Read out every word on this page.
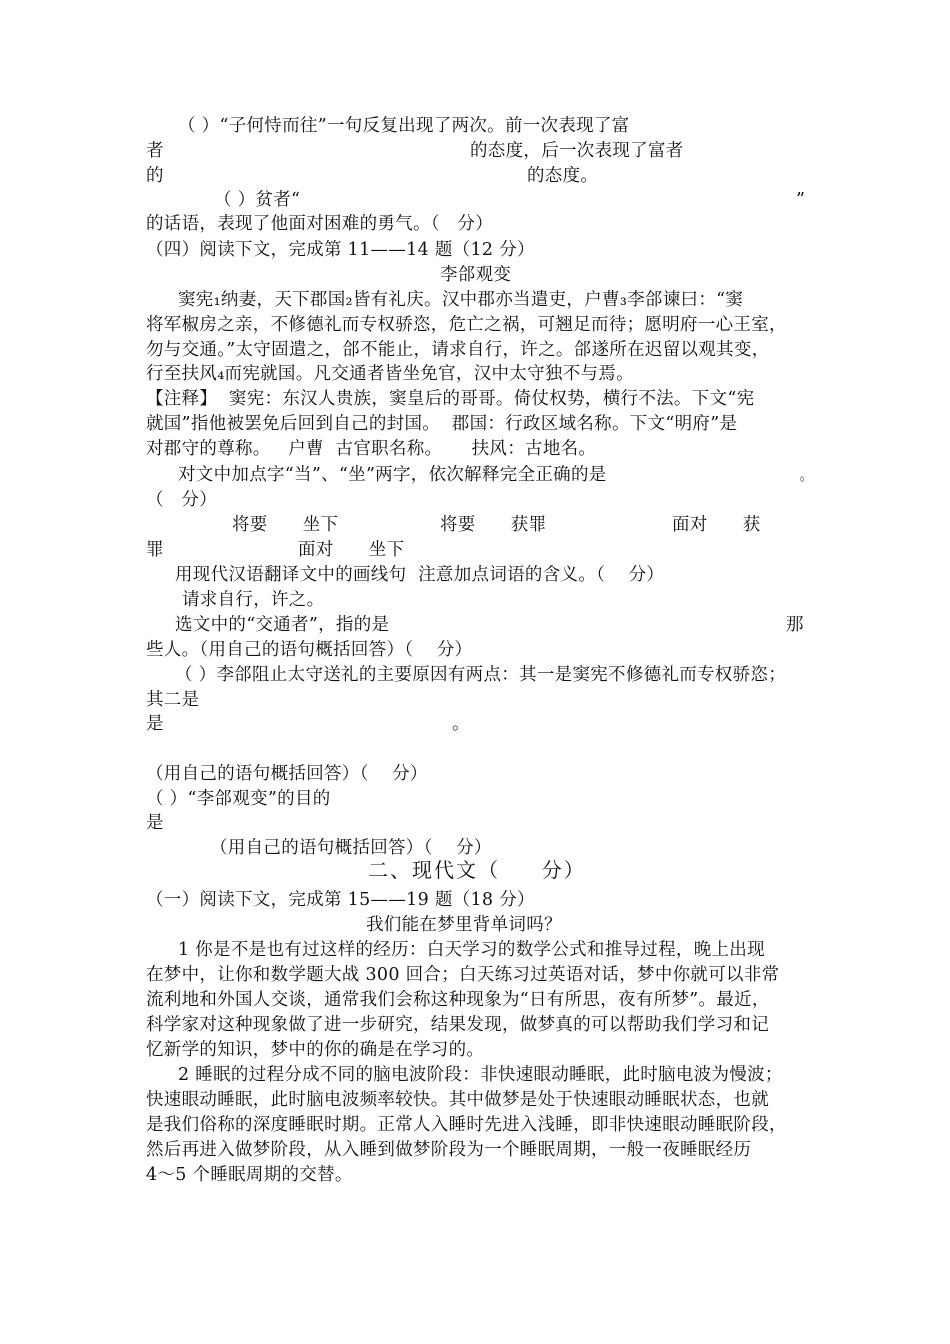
（ ）“子何恃而往”一句反复出现了两次。前一次表现了富
者	的态度，后一次表现了富者
的	的态度。
（ ）贫者“	”
的话语，表现了他面对困难的勇气。（   分）
（四）阅读下文，完成第 11——14 题（12 分）
李郃观变
窦宪₁纳妻，天下郡国₂皆有礼庆。汉中郡亦当遣吏，户曹₃李郃谏曰：“窦
将军椒房之亲，不修德礼而专权骄恣，危亡之祸，可翘足而待；愿明府一心王室，
勿与交通。”太守固遣之，郃不能止，请求自行，许之。郃遂所在迟留以观其变，
行至扶风₄而宪就国。凡交通者皆坐免官，汉中太守独不与焉。
【注释】  窦宪：东汉人贵族，窦皇后的哥哥。倚仗权势，横行不法。下文“宪
就国”指他被罢免后回到自己的封国。  郡国：行政区域名称。下文“明府”是
对郡守的尊称。   户曹  古官职名称。     扶风：古地名。
对文中加点字“当”、“坐”两字，依次解释完全正确的是	。
（   分）
将要      坐下	将要      获罪	面对      获
罪	面对      坐下
用现代汉语翻译文中的画线句  注意加点词语的含义。（    分）
请求自行，许之。
选文中的“交通者”，指的是	那
些人。（用自己的语句概括回答）（    分）
（ ）李郃阻止太守送礼的主要原因有两点：其一是窦宪不修德礼而专权骄恣；
其二是
是	。
（用自己的语句概括回答）（    分）
（ ）“李郃观变”的目的
是
（用自己的语句概括回答）（    分）
二、现代文（     分）
（一）阅读下文，完成第 15——19 题（18 分）
我们能在梦里背单词吗？
1 你是不是也有过这样的经历：白天学习的数学公式和推导过程，晚上出现
在梦中，让你和数学题大战 300 回合；白天练习过英语对话，梦中你就可以非常
流利地和外国人交谈，通常我们会称这种现象为“日有所思，夜有所梦”。最近，
科学家对这种现象做了进一步研究，结果发现，做梦真的可以帮助我们学习和记
忆新学的知识，梦中的你的确是在学习的。
2 睡眠的过程分成不同的脑电波阶段：非快速眼动睡眠，此时脑电波为慢波；
快速眼动睡眠，此时脑电波频率较快。其中做梦是处于快速眼动睡眠状态，也就
是我们俗称的深度睡眠时期。正常人入睡时先进入浅睡，即非快速眼动睡眠阶段，
然后再进入做梦阶段，从入睡到做梦阶段为一个睡眠周期，一般一夜睡眠经历
4～5 个睡眠周期的交替。
